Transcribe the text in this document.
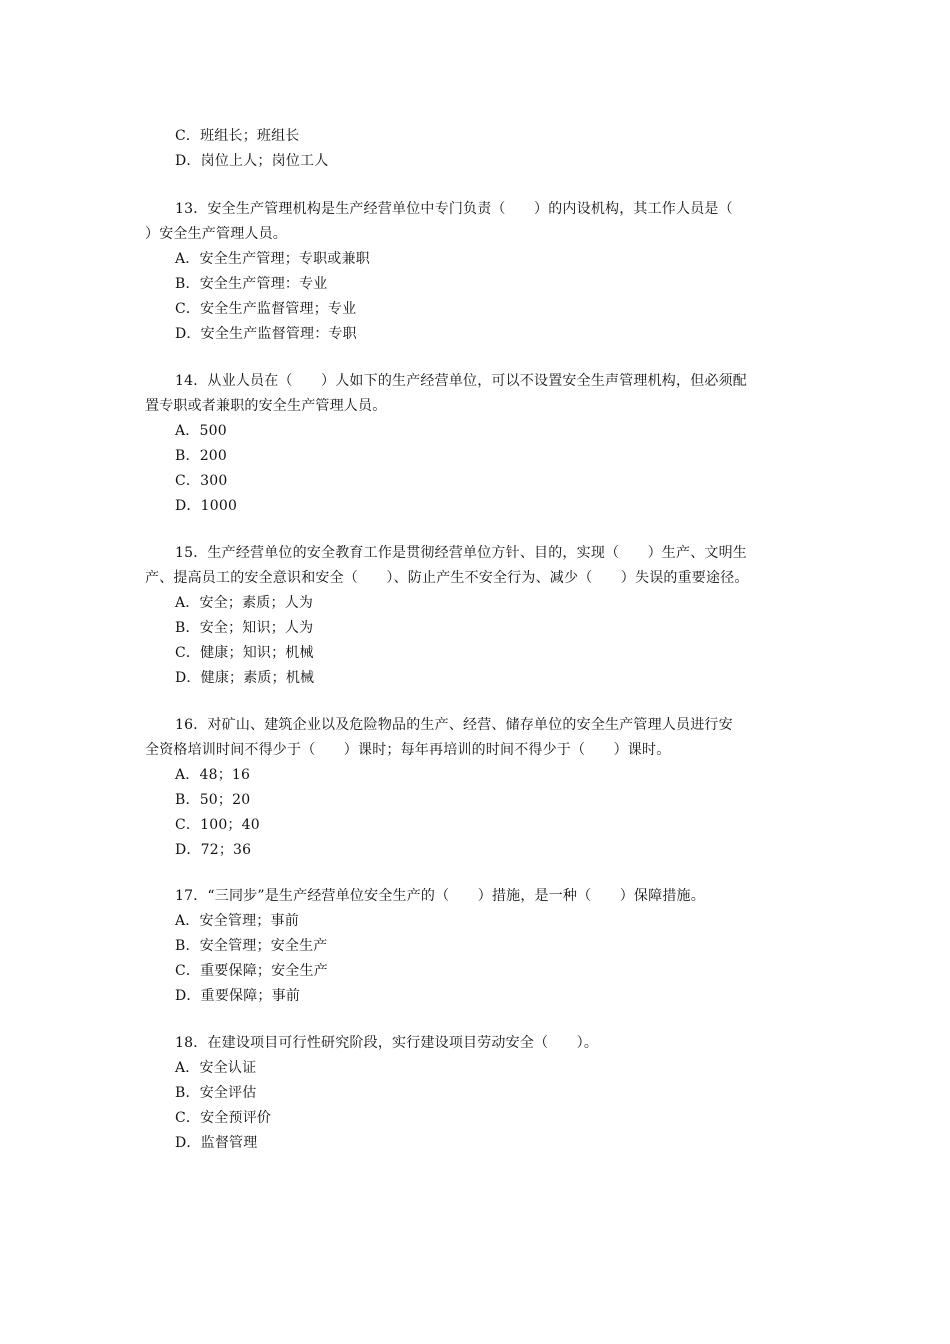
C．班组长；班组长
D．岗位上人；岗位工人
13．安全生产管理机构是生产经营单位中专门负责（　　）的内设机构，其工作人员是（
）安全生产管理人员。
A．安全生产管理；专职或兼职
B．安全生产管理：专业
C．安全生产监督管理；专业
D．安全生产监督管理：专职
14．从业人员在（　　）人如下的生产经营单位，可以不设置安全生声管理机构，但必须配
置专职或者兼职的安全生产管理人员。
A．500
B．200
C．300
D．1000
15．生产经营单位的安全教育工作是贯彻经营单位方针、目的，实现（　　）生产、文明生
产、提高员工的安全意识和安全（　　）、防止产生不安全行为、减少（　　）失误的重要途径。
A．安全；素质；人为
B．安全；知识；人为
C．健康；知识；机械
D．健康；素质；机械
16．对矿山、建筑企业以及危险物品的生产、经营、储存单位的安全生产管理人员进行安
全资格培训时间不得少于（　　）课时；每年再培训的时间不得少于（　　）课时。
A．48；16
B．50；20
C．100；40
D．72；36
17．“三同步”是生产经营单位安全生产的（　　）措施，是一种（　　）保障措施。
A．安全管理；事前
B．安全管理；安全生产
C．重要保障；安全生产
D．重要保障；事前
18．在建设项目可行性研究阶段，实行建设项目劳动安全（　　）。
A．安全认证
B．安全评估
C．安全预评价
D．监督管理
